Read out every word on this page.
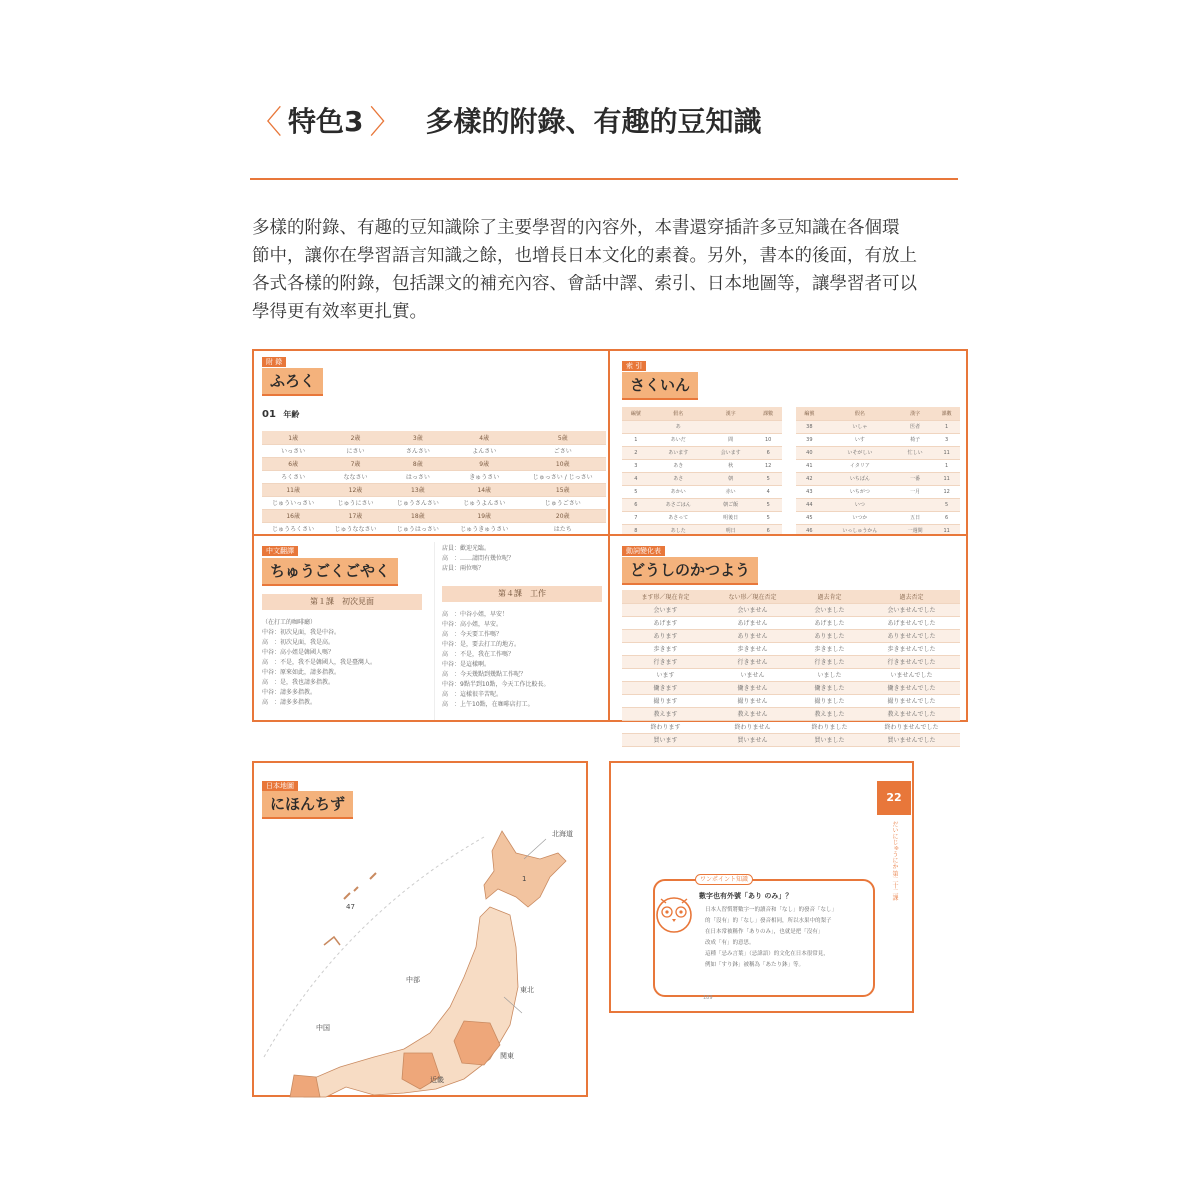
〈 特色3 〉 多樣的附錄、有趣的豆知識

多樣的附錄、有趣的豆知識除了主要學習的內容外，本書還穿插許多豆知識在各個環

節中，讓你在學習語言知識之餘，也增長日本文化的素養。另外，書本的後面，有放上

各式各樣的附錄，包括課文的補充內容、會話中譯、索引、日本地圖等，讓學習者可以

學得更有效率更扎實。

附 錄
ふろく
01 年齢
1歳	2歳	3歳	4歳	5歳
いっさい	にさい	さんさい	よんさい	ごさい
6歳	7歳	8歳	9歳	10歳
ろくさい	ななさい	はっさい	きゅうさい	じゅっさい / じっさい
11歳	12歳	13歳	14歳	15歳
じゅういっさい	じゅうにさい	じゅうさんさい	じゅうよんさい	じゅうごさい
16歳	17歳	18歳	19歳	20歳
じゅうろくさい	じゅうななさい	じゅうはっさい	じゅうきゅうさい	はたち
索 引
さくいん
編號	假名	漢字	課數
	あ		
1	あいだ	間	10
2	あいます	会います	6
3	あき	秋	12
4	あさ	朝	5
5	あかい	赤い	4
6	あさごはん	朝ご飯	5
7	あさって	明後日	5
8	あした	明日	6

編號	假名	漢字	課數
38	いしゃ	医者	1
39	いす	椅子	3
40	いそがしい	忙しい	11
41	イタリア		1
42	いちばん	一番	11
43	いちがつ	一月	12
44	いつ		5
45	いつか	五日	6
46	いっしゅうかん	一週間	11

中文翻譯
ちゅうごくごやく
第１課　初次見面
（在打工的咖啡廳）
中谷：初次見面，我是中谷。
高　：初次見面，我是高。
中谷：高小姐是韓國人嗎？
高　：不是，我不是韓國人，我是臺灣人。
中谷：原來如此，請多指教。
高　：是，我也請多指教。
中谷：請多多指教。
高　：請多多指教。
店員：歡迎光臨。
高　：……請問有幾位呢？
店員：兩位嗎？
第４課　工作
高　：中谷小姐，早安！
中谷：高小姐，早安。
高　：今天要工作嗎？
中谷：是，要去打工的地方。
高　：不是，我在工作嗎？
中谷：是這樣啊。
高　：今天幾點到幾點工作呢？
中谷：9點半到10點，今天工作比較長。
高　：這樣很辛苦呢。
高　：上午10點，在咖啡店打工。
動詞變化表
どうしのかつよう
ます形／現在肯定	ない形／現在否定	過去肯定	過去否定
会います	会いません	会いました	会いませんでした
あげます	あげません	あげました	あげませんでした
あります	ありません	ありました	ありませんでした
歩きます	歩きません	歩きました	歩きませんでした
行きます	行きません	行きました	行きませんでした
います	いません	いました	いませんでした
働きます	働きません	働きました	働きませんでした
撮ります	撮りません	撮りました	撮りませんでした
教えます	教えません	教えました	教えませんでした
終わります	終わりません	終わりました	終わりませんでした
買います	買いません	買いました	買いませんでした
日本地圖
にほんちず
北海道
東北
中部
関東
中国
近畿
1
47
22
だいにじゅうにか 第二十二課
ワンポイント知識
數字也有外號「あり のみ」？
日本人習慣將數字一的讀音和「なし」的發音「なし」
的「沒有」的「なし」發音相同，所以水果中的梨子
在日本常被稱作「ありのみ」，也就是把「沒有」
改成「有」的意思。
這種「忌み言葉」（忌諱語）的文化在日本很常見，
例如「すり鉢」被稱為「あたり鉢」等。
189
